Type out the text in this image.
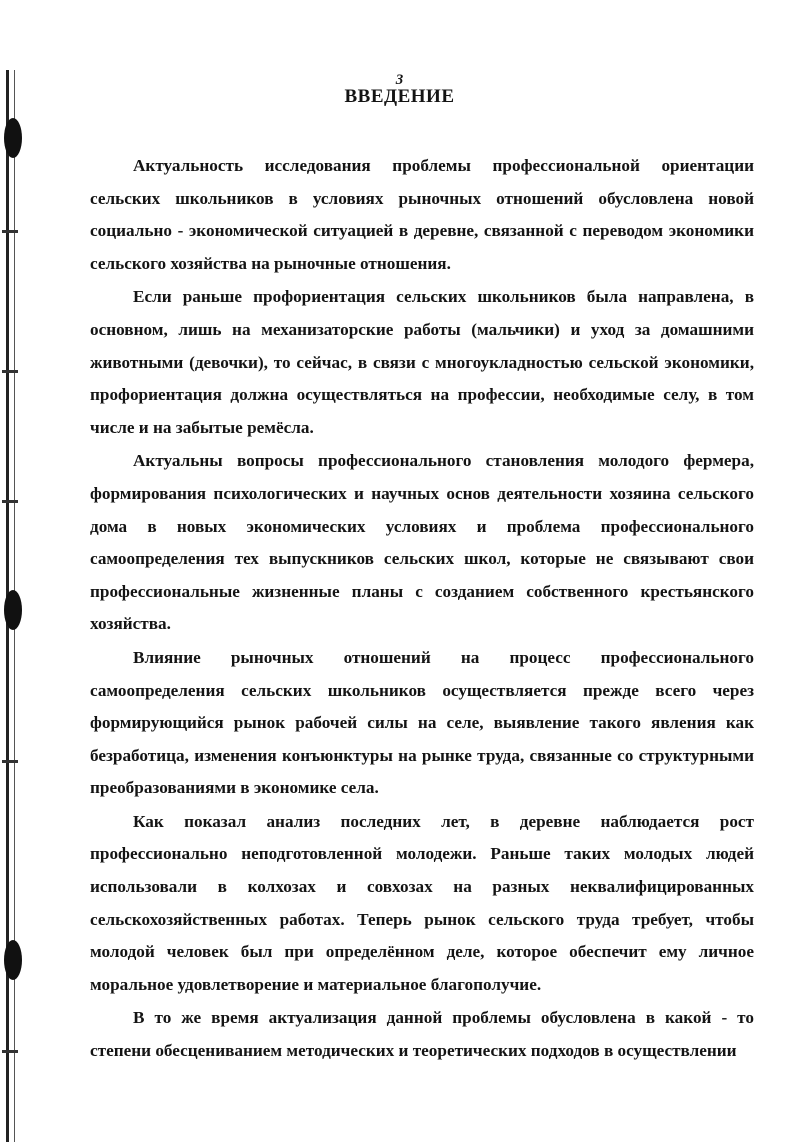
3
ВВЕДЕНИЕ

Актуальность исследования проблемы профессиональной ориентации сельских школьников в условиях рыночных отношений обусловлена новой социально - экономической ситуацией в деревне, связанной с переводом экономики сельского хозяйства на рыночные отношения.

Если раньше профориентация сельских школьников была направлена, в основном, лишь на механизаторские работы (мальчики) и уход за домашними животными (девочки), то сейчас, в связи с многоукладностью сельской экономики, профориентация должна осуществляться на профессии, необходимые селу, в том числе и на забытые ремёсла.

Актуальны вопросы профессионального становления молодого фермера, формирования психологических и научных основ деятельности хозяина сельского дома в новых экономических условиях и проблема профессионального самоопределения тех выпускников сельских школ, которые не связывают свои профессиональные жизненные планы с созданием собственного крестьянского хозяйства.

Влияние рыночных отношений на процесс профессионального самоопределения сельских школьников осуществляется прежде всего через формирующийся рынок рабочей силы на селе, выявление такого явления как безработица, изменения конъюнктуры на рынке труда, связанные со структурными преобразованиями в экономике села.

Как показал анализ последних лет, в деревне наблюдается рост профессионально неподготовленной молодежи. Раньше таких молодых людей использовали в колхозах и совхозах на разных неквалифицированных сельскохозяйственных работах. Теперь рынок сельского труда требует, чтобы молодой человек был при определённом деле, которое обеспечит ему личное моральное удовлетворение и материальное благополучие.

В то же время актуализация данной проблемы обусловлена в какой - то степени обесцениванием методических и теоретических подходов в осуществлении
